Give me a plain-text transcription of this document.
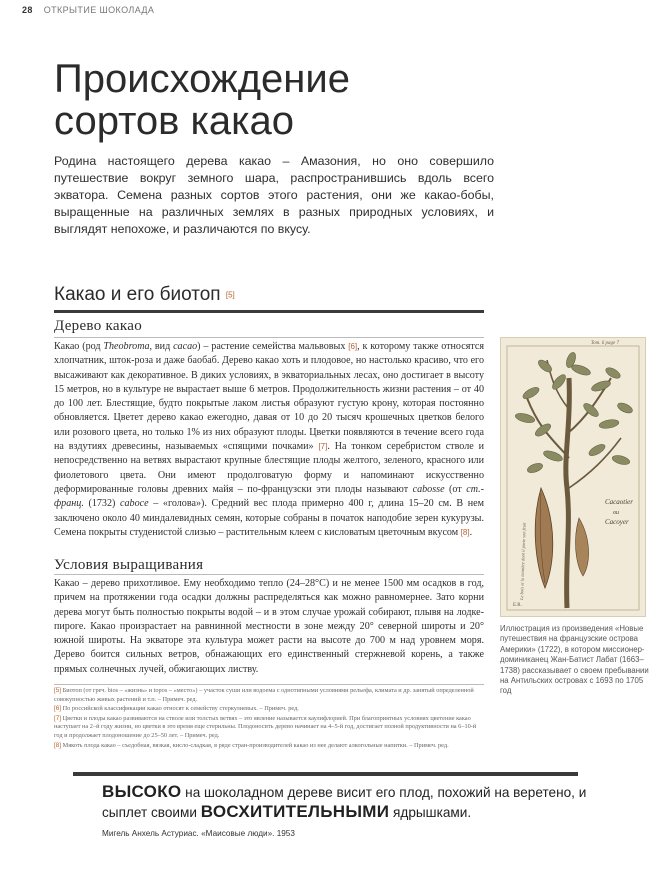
28 ОТКРЫТИЕ ШОКОЛАДА
Происхождение
сортов какао

Родина настоящего дерева какао – Амазония, но оно совершило путешествие вокруг земного шара, распространившись вдоль всего экватора. Семена разных сортов этого растения, они же какао-бобы, выращенные на различных землях в разных природных условиях, и выглядят непохоже, и различаются по вкусу.

Какао и его биотоп [5]
Дерево какао

Какао (род Theobroma, вид cacao) – растение семейства мальвовых [6], к которому также относятся хлопчатник, шток-роза и даже баобаб. Дерево какао хоть и плодовое, но настолько красиво, что его высаживают как декоративное. В диких условиях, в экваториальных лесах, оно достигает в высоту 15 метров, но в культуре не вырастает выше 6 метров. Продолжительность жизни растения – от 40 до 100 лет. Блестящие, будто покрытые лаком листья образуют густую крону, которая постоянно обновляется. Цветет дерево какао ежегодно, давая от 10 до 20 тысяч крошечных цветков белого или розового цвета, но только 1% из них образуют плоды. Цветки появляются в течение всего года на вздутиях древесины, называемых «спящими почками» [7]. На тонком серебристом стволе и непосредственно на ветвях вырастают крупные блестящие плоды желтого, зеленого, красного или фиолетового цвета. Они имеют продолговатую форму и напоминают искусственно деформированные головы древних майя – по-французски эти плоды называют cabosse (от ст.-франц. (1732) caboce – «голова»). Средний вес плода примерно 400 г, длина 15–20 см. В нем заключено около 40 миндалевидных семян, которые собраны в початок наподобие зерен кукурузы. Семена покрыты студенистой слизью – растительным клеем с кисловатым цветочным вкусом [8].

Условия выращивания

Какао – дерево прихотливое. Ему необходимо тепло (24–28°C) и не менее 1500 мм осадков в год, причем на протяжении года осадки должны распределяться как можно равномернее. Зато корни дерева могут быть полностью покрыты водой – и в этом случае урожай собирают, плывя на лодке-пироге. Какао произрастает на равнинной местности в зоне между 20° северной широты и 20° южной широты. На экваторе эта культура может расти на высоте до 700 м над уровнем моря. Дерево боится сильных ветров, обнажающих его единственный стержневой корень, а также прямых солнечных лучей, обжигающих листву.

[5] Биотоп (от греч. bios – «жизнь» и topos – «место») – участок суши или водоема с однотипными условиями рельефа, климата и др. занятый определенной совокупностью живых растений и т.п. – Примеч. ред.
[6] По российской классификации какао относят к семейству стеркулиевых. – Примеч. ред.
[7] Цветки и плоды какао развиваются на стволе или толстых ветвях – это явление называется каулифлорией. При благоприятных условиях цветение какао наступает на 2–й году жизни, но цветки в это время еще стерильны. Плодоносить дерево начинает на 4–5-й год, достигает полной продуктивности на 6–10-й год и продолжает плодоношение до 25–50 лет. – Примеч. ред.
[8] Мякоть плода какао – съедобная, вязкая, кисло-сладкая, в ряде стран-производителей какао из нее делают алкогольные напитки. – Примеч. ред.
Tom. 6 page 7
Le bois et la manière dont il porte son fruit
Cacaotier
ou
Cacoyer
E.R.

Иллюстрация из произведения «Новые путешествия на французские острова Америки» (1722), в котором миссионер-доминиканец Жан-Батист Лабат (1663–1738) рассказывает о своем пребывании на Антильских островах с 1693 по 1705 год

ВЫСОКО на шоколадном дереве висит его плод, похожий на веретено, и сыплет своими ВОСХИТИТЕЛЬНЫМИ ядрышками.

Мигель Анхель Астуриас. «Маисовые люди». 1953
